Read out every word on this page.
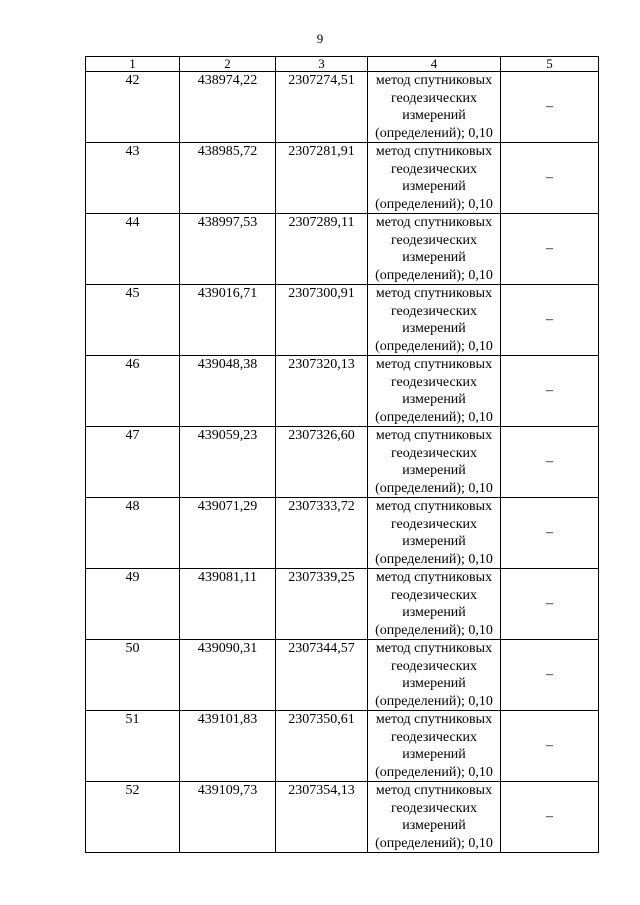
9
1	2	3	4	5
42	438974,22	2307274,51	метод спутниковых
геодезических
измерений
(определений); 0,10	–
43	438985,72	2307281,91	метод спутниковых
геодезических
измерений
(определений); 0,10	–
44	438997,53	2307289,11	метод спутниковых
геодезических
измерений
(определений); 0,10	–
45	439016,71	2307300,91	метод спутниковых
геодезических
измерений
(определений); 0,10	–
46	439048,38	2307320,13	метод спутниковых
геодезических
измерений
(определений); 0,10	–
47	439059,23	2307326,60	метод спутниковых
геодезических
измерений
(определений); 0,10	–
48	439071,29	2307333,72	метод спутниковых
геодезических
измерений
(определений); 0,10	–
49	439081,11	2307339,25	метод спутниковых
геодезических
измерений
(определений); 0,10	–
50	439090,31	2307344,57	метод спутниковых
геодезических
измерений
(определений); 0,10	–
51	439101,83	2307350,61	метод спутниковых
геодезических
измерений
(определений); 0,10	–
52	439109,73	2307354,13	метод спутниковых
геодезических
измерений
(определений); 0,10	–
